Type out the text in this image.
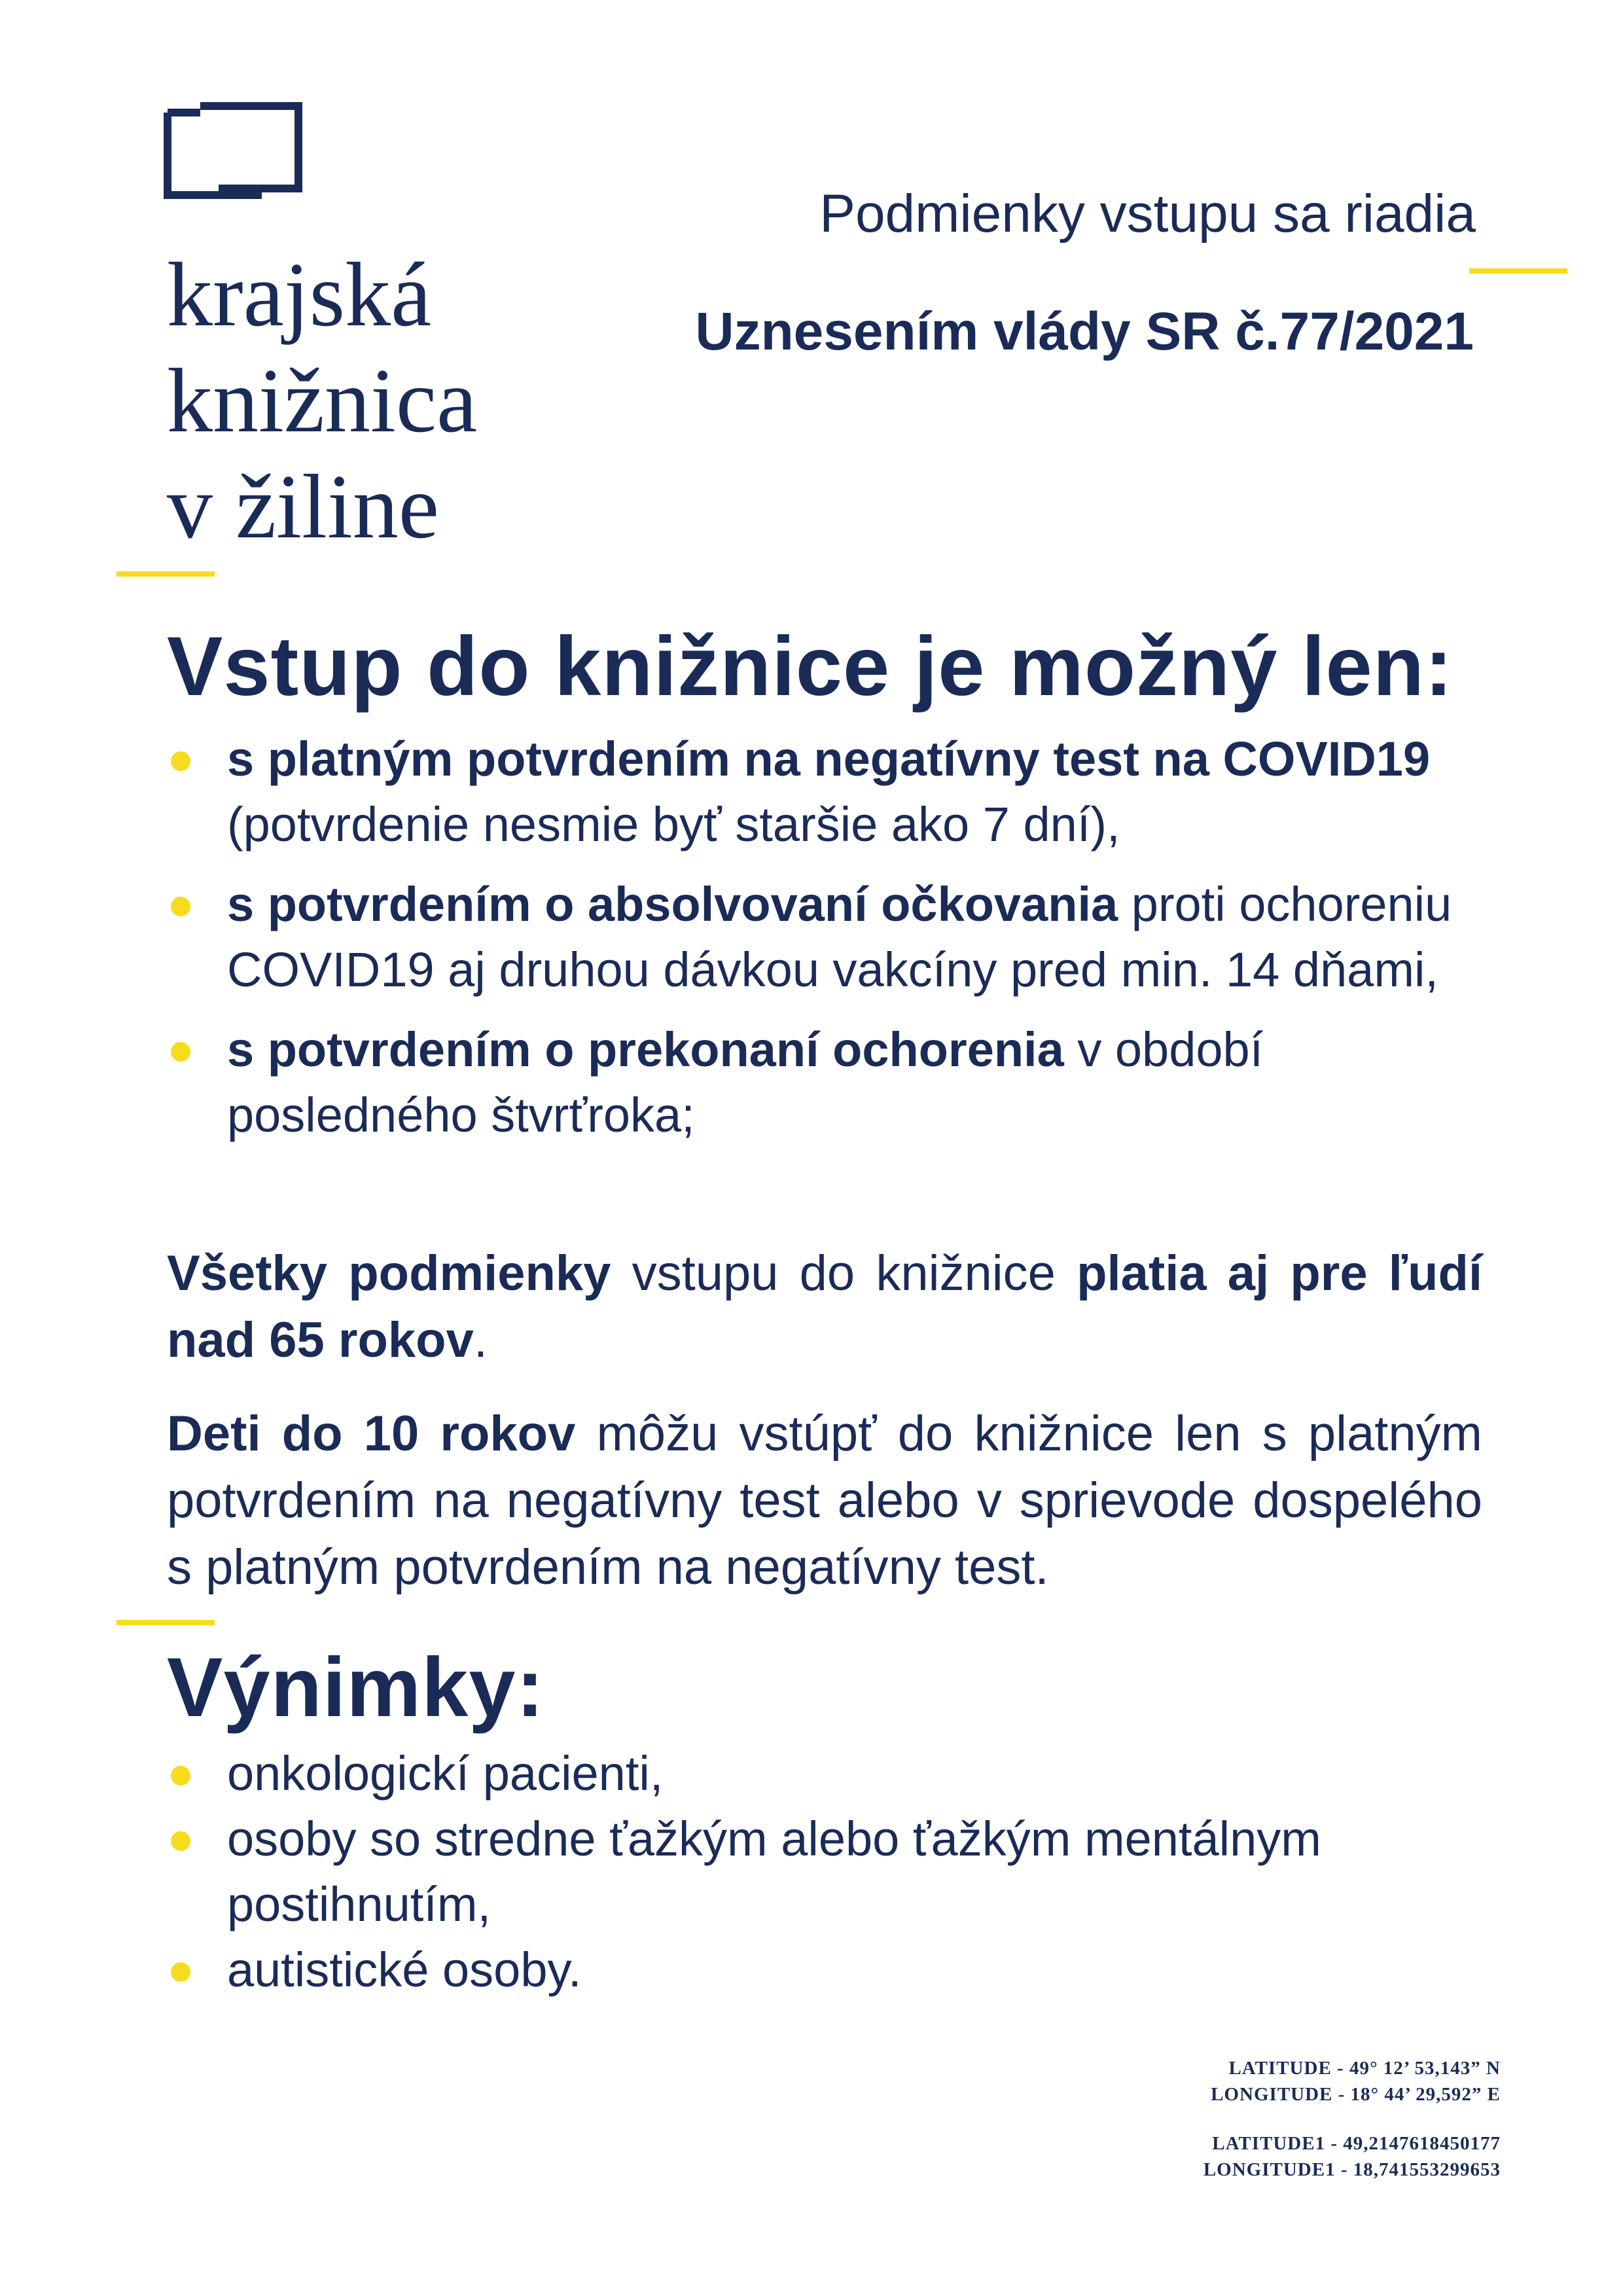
krajská
knižnica
v žiline
Podmienky vstupu sa riadia
Uznesením vlády SR č.77/2021
Vstup do knižnice je možný len:
s platným potvrdením na negatívny test na COVID19 (potvrdenie nesmie byť staršie ako 7 dní),
s potvrdením o absolvovaní očkovania proti ochoreniu COVID19 aj druhou dávkou vakcíny pred min. 14 dňami,
s potvrdením o prekonaní ochorenia v období posledného štvrťroka;
Všetky podmienky vstupu do knižnice platia aj pre ľudí nad 65 rokov.
Deti do 10 rokov môžu vstúpť do knižnice len s platným potvrdením na negatívny test alebo v sprievode dospelého s platným potvrdením na negatívny test.
Výnimky:
onkologickí pacienti,
osoby so stredne ťažkým alebo ťažkým mentálnym postihnutím,
autistické osoby.
LATITUDE - 49° 12’ 53,143” N
LONGITUDE - 18° 44’ 29,592” E
LATITUDE1 - 49,2147618450177
LONGITUDE1 - 18,741553299653
